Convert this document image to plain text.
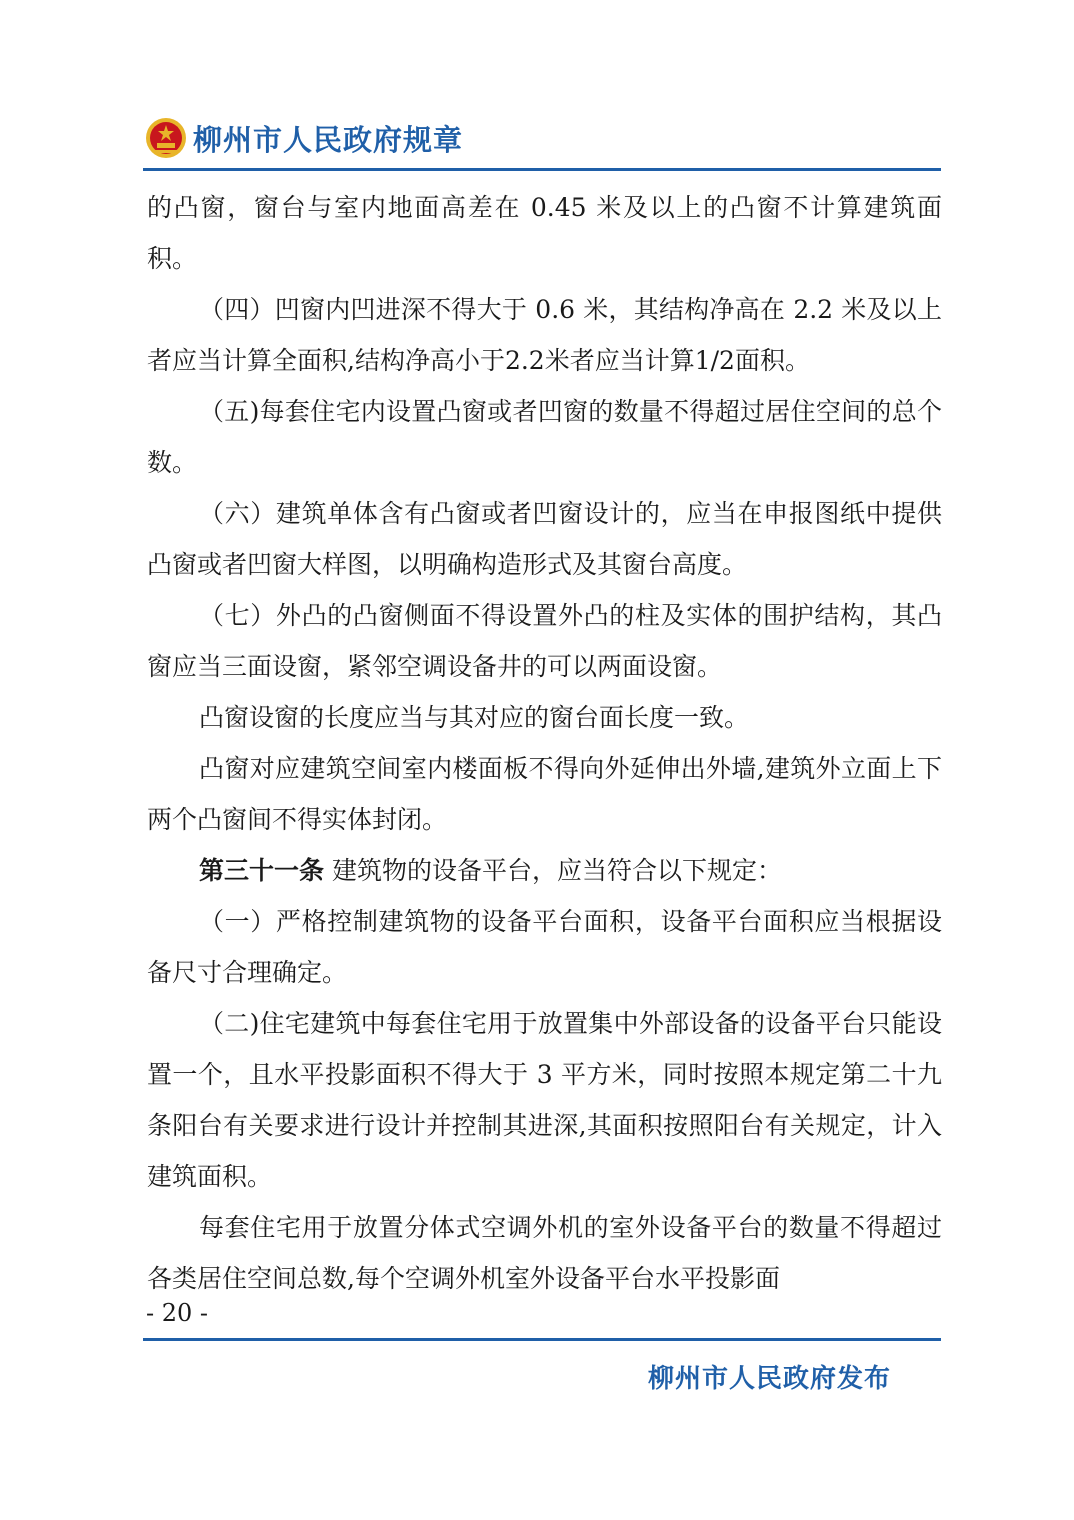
柳州市人民政府规章

的凸窗，窗台与室内地面高差在 0.45 米及以上的凸窗不计算建筑面积。

（四）凹窗内凹进深不得大于 0.6 米，其结构净高在 2.2 米及以上者应当计算全面积,结构净高小于2.2米者应当计算1/2面积。

（五)每套住宅内设置凸窗或者凹窗的数量不得超过居住空间的总个数。

（六）建筑单体含有凸窗或者凹窗设计的，应当在申报图纸中提供凸窗或者凹窗大样图，以明确构造形式及其窗台高度。

（七）外凸的凸窗侧面不得设置外凸的柱及实体的围护结构，其凸窗应当三面设窗，紧邻空调设备井的可以两面设窗。

凸窗设窗的长度应当与其对应的窗台面长度一致。

凸窗对应建筑空间室内楼面板不得向外延伸出外墙,建筑外立面上下两个凸窗间不得实体封闭。

第三十一条 建筑物的设备平台，应当符合以下规定：

（一）严格控制建筑物的设备平台面积，设备平台面积应当根据设备尺寸合理确定。

（二)住宅建筑中每套住宅用于放置集中外部设备的设备平台只能设置一个，且水平投影面积不得大于 3 平方米，同时按照本规定第二十九条阳台有关要求进行设计并控制其进深,其面积按照阳台有关规定，计入建筑面积。

每套住宅用于放置分体式空调外机的室外设备平台的数量不得超过各类居住空间总数,每个空调外机室外设备平台水平投影面

- 20 -
柳州市人民政府发布
